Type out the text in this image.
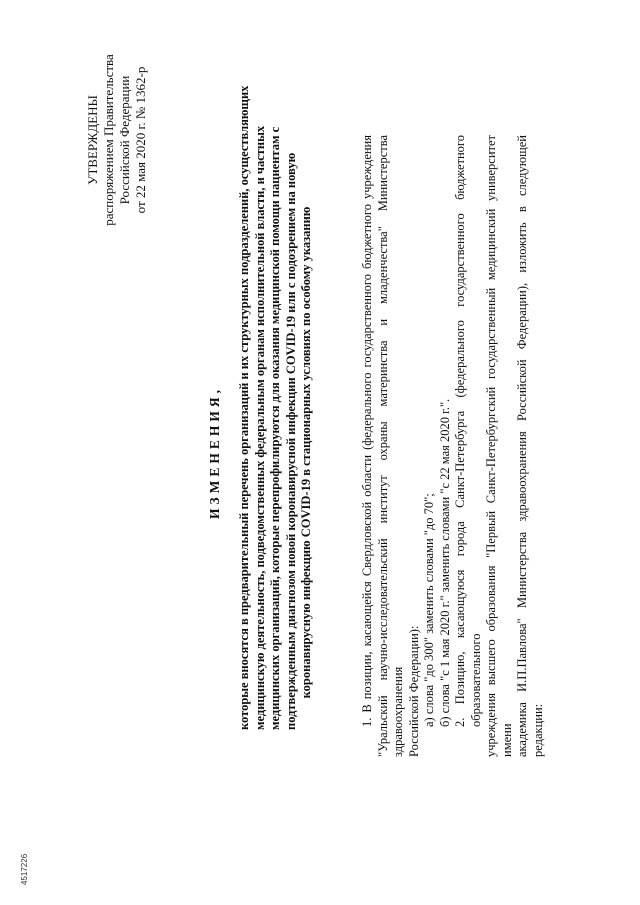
УТВЕРЖДЕНЫ распоряжением Правительства Российской Федерации от 22 мая 2020 г. № 1362-р
ИЗМЕНЕНИЯ, которые вносятся в предварительный перечень организаций и их структурных подразделений, осуществляющих медицинскую деятельность, подведомственных федеральным органам исполнительной власти, и частных медицинских организаций, которые перепрофилируются для оказания медицинской помощи пациентам с подтвержденным диагнозом новой коронавирусной инфекции COVID-19 или с подозрением на новую коронавирусную инфекцию COVID-19 в стационарных условиях по особому указанию	1. В позиции, касающейся Свердловской области (федерального государственного бюджетного учреждения "Уральский научно-исследовательский институт охраны материнства и младенчества" Министерства здравоохранения Российской Федерации): а) слова "до 300" заменить словами "до 70"; б) слова "с 1 мая 2020 г." заменить словами "с 22 мая 2020 г.". 2. Позицию, касающуюся города Санкт-Петербурга (федерального государственного бюджетного образовательного учреждения высшего образования "Первый Санкт-Петербургский государственный медицинский университет имени академика И.П.Павлова" Министерства здравоохранения Российской Федерации), изложить в следующей редакции:
4517226
